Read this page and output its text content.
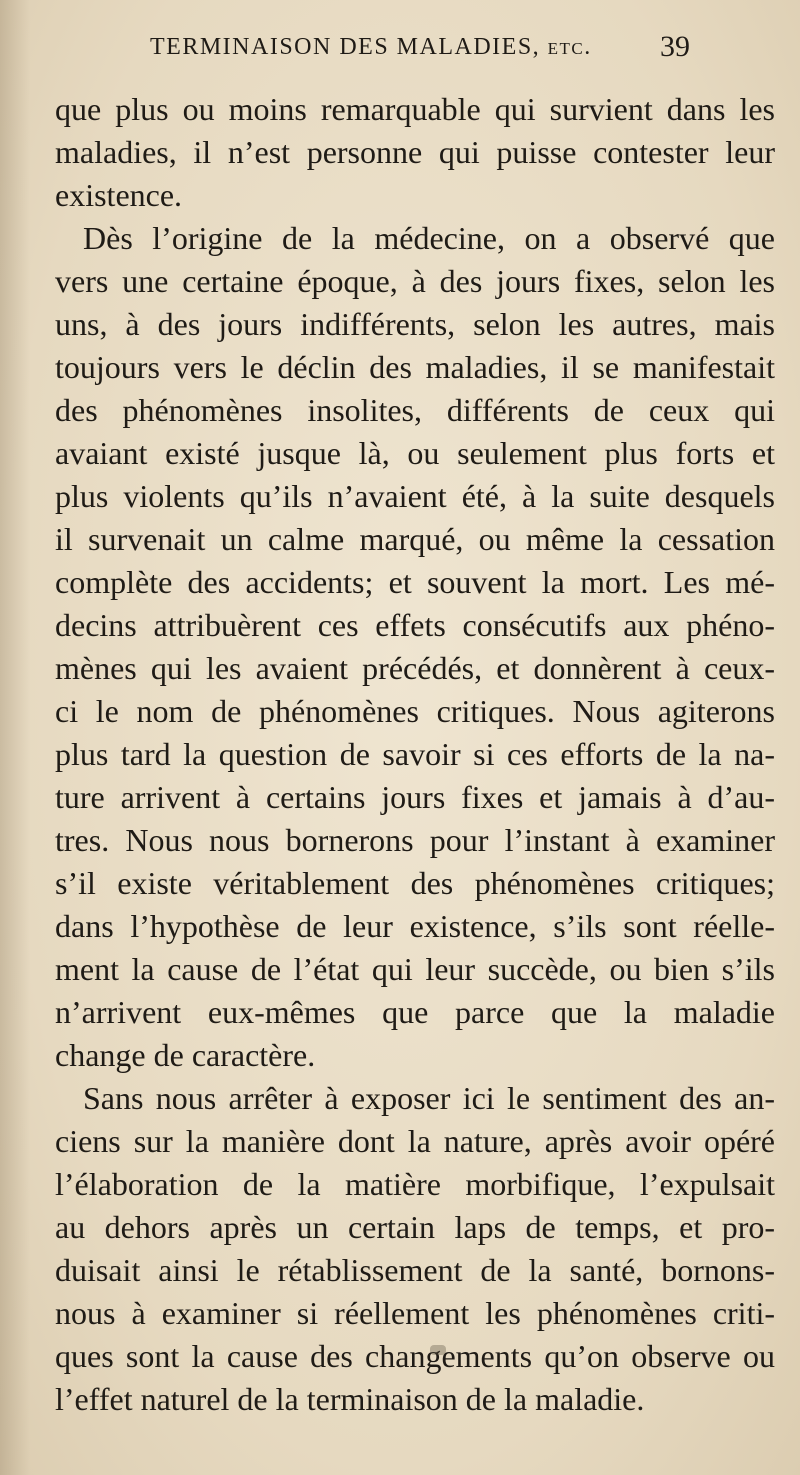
TERMINAISON DES MALADIES, etc. 39
que plus ou moins remarquable qui survient dans les
maladies, il n’est personne qui puisse contester leur
existence.
Dès l’origine de la médecine, on a observé que
vers une certaine époque, à des jours fixes, selon les
uns, à des jours indifférents, selon les autres, mais
toujours vers le déclin des maladies, il se manifestait
des phénomènes insolites, différents de ceux qui
avaiant existé jusque là, ou seulement plus forts et
plus violents qu’ils n’avaient été, à la suite desquels
il survenait un calme marqué, ou même la cessation
complète des accidents; et souvent la mort. Les mé-
decins attribuèrent ces effets consécutifs aux phéno-
mènes qui les avaient précédés, et donnèrent à ceux-
ci le nom de phénomènes critiques. Nous agiterons
plus tard la question de savoir si ces efforts de la na-
ture arrivent à certains jours fixes et jamais à d’au-
tres. Nous nous bornerons pour l’instant à examiner
s’il existe véritablement des phénomènes critiques;
dans l’hypothèse de leur existence, s’ils sont réelle-
ment la cause de l’état qui leur succède, ou bien s’ils
n’arrivent eux-mêmes que parce que la maladie
change de caractère.
Sans nous arrêter à exposer ici le sentiment des an-
ciens sur la manière dont la nature, après avoir opéré
l’élaboration de la matière morbifique, l’expulsait
au dehors après un certain laps de temps, et pro-
duisait ainsi le rétablissement de la santé, bornons-
nous à examiner si réellement les phénomènes criti-
ques sont la cause des changements qu’on observe ou
l’effet naturel de la terminaison de la maladie.
